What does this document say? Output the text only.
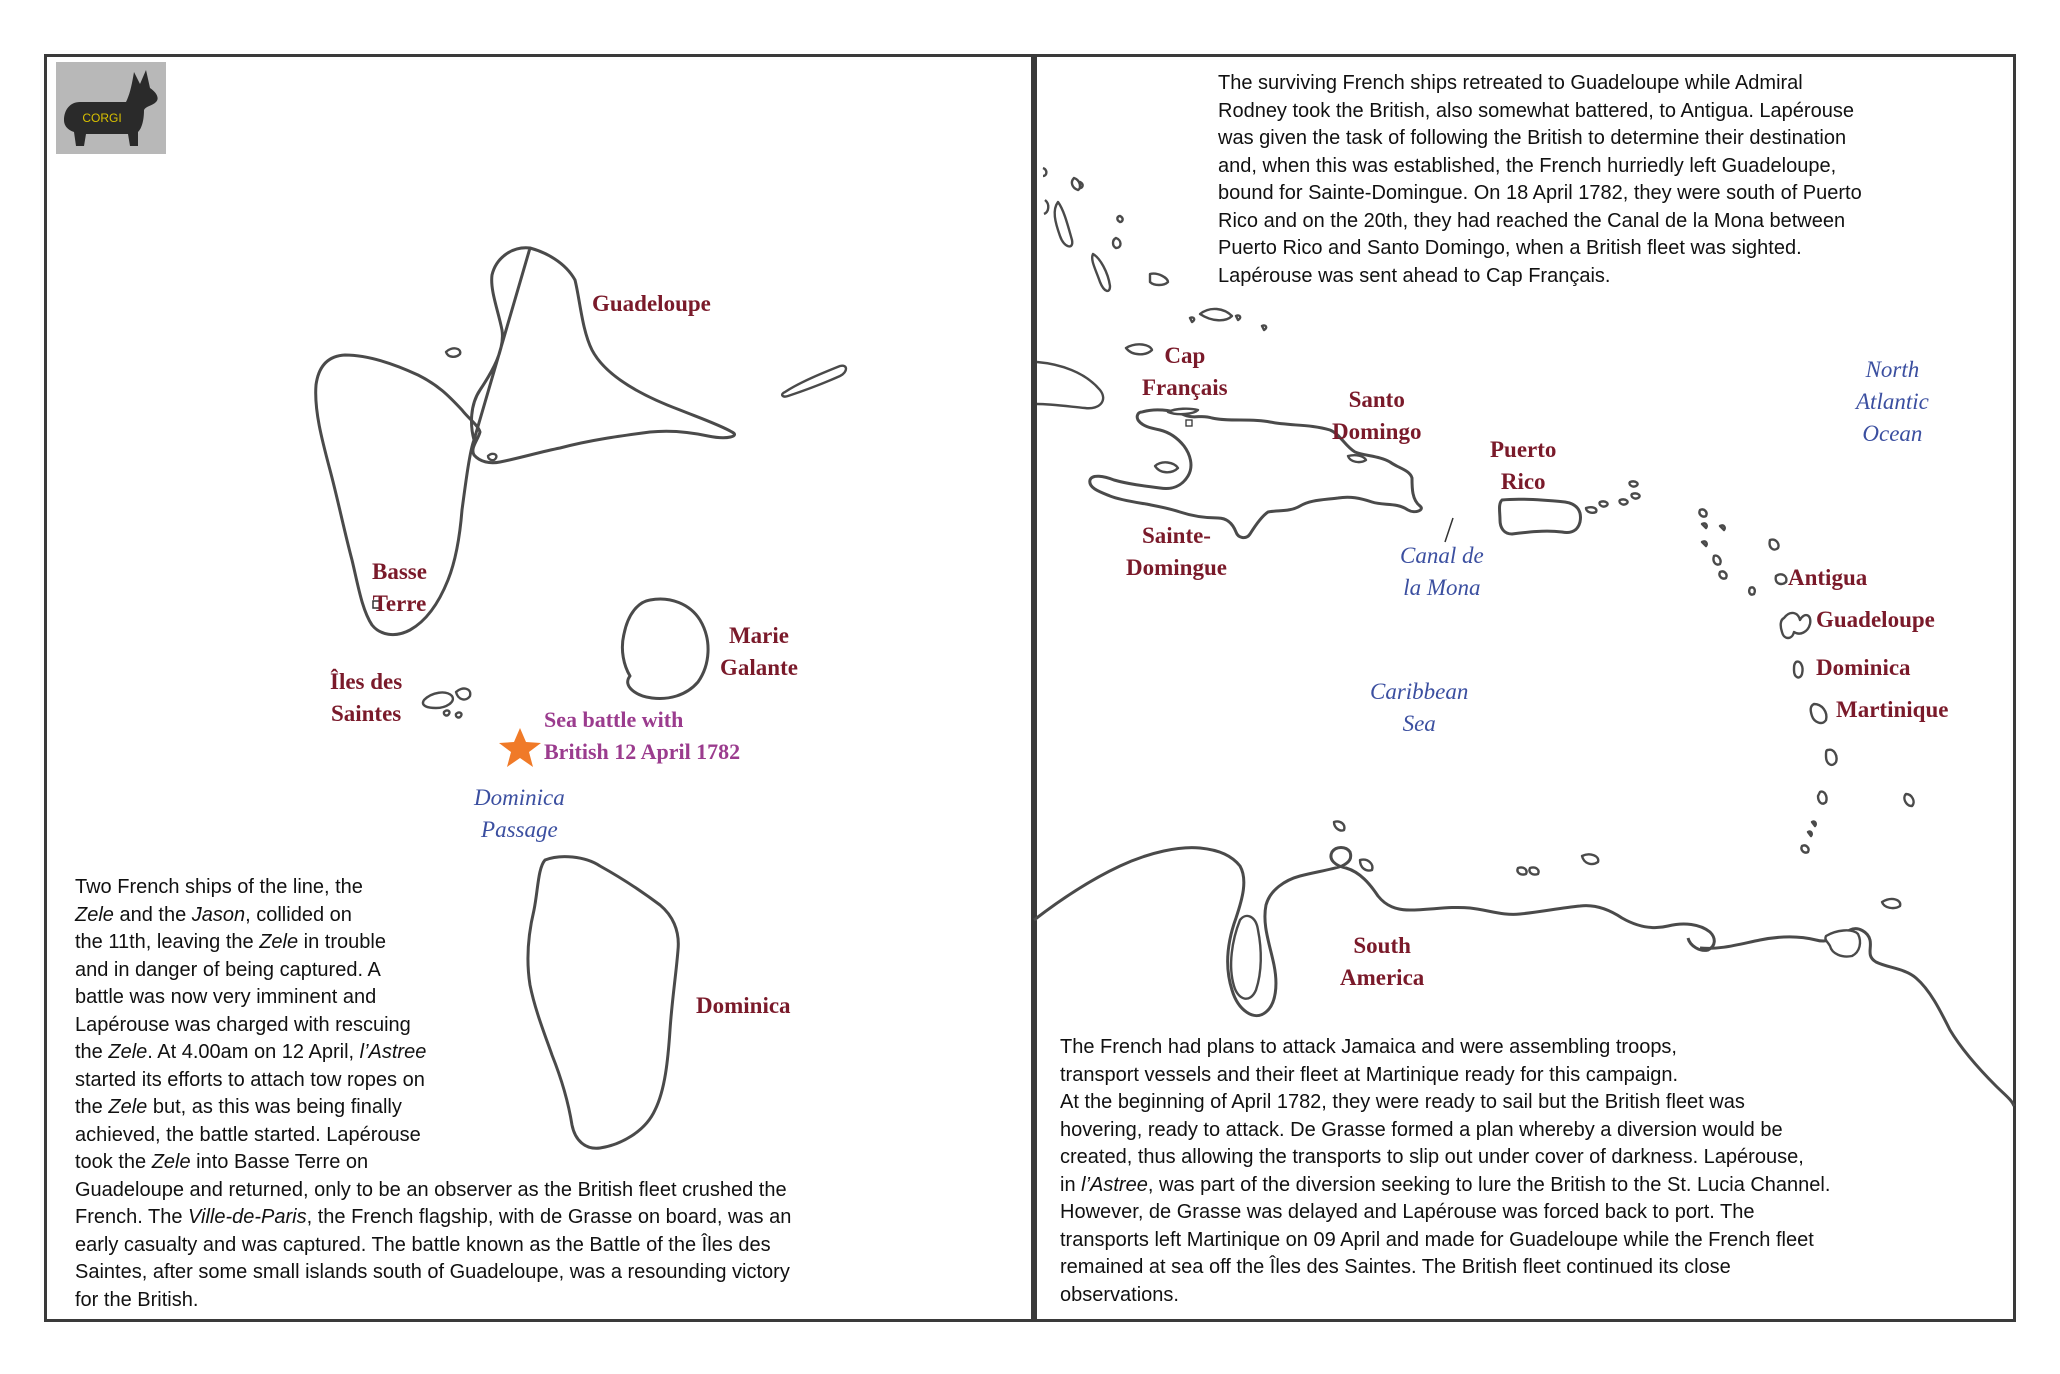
CORGI
Guadeloupe
Basse
Terre
Marie
Galante
Îles des
Saintes	Sea battle with
British 12 April 1782
Dominica
Passage
Dominica
Two French ships of the line, the
Zele and the Jason, collided on
the 11th, leaving the Zele in trouble
and in danger of being captured. A
battle was now very imminent and
Lapérouse was charged with rescuing
the Zele. At 4.00am on 12 April, l’Astree
started its efforts to attach tow ropes on
the Zele but, as this was being finally
achieved, the battle started. Lapérouse
took the Zele into Basse Terre on
Guadeloupe and returned, only to be an observer as the British fleet crushed the
French. The Ville-de-Paris, the French flagship, with de Grasse on board, was an
early casualty and was captured. The battle known as the Battle of the Îles des
Saintes, after some small islands south of Guadeloupe, was a resounding victory
for the British.
The surviving French ships retreated to Guadeloupe while Admiral
Rodney took the British, also somewhat battered, to Antigua. Lapérouse
was given the task of following the British to determine their destination
and, when this was established, the French hurriedly left Guadeloupe,
bound for Sainte-Domingue. On 18 April 1782, they were south of Puerto
Rico and on the 20th, they had reached the Canal de la Mona between
Puerto Rico and Santo Domingo, when a British fleet was sighted.
Lapérouse was sent ahead to Cap Français.
Cap
Français	Santo
Domingo
Puerto
Rico
North
Atlantic
Ocean
Sainte-
Domingue	Canal de
la Mona	Antigua
Guadeloupe
Dominica
Martinique
Caribbean
Sea
South
America
The French had plans to attack Jamaica and were assembling troops,
transport vessels and their fleet at Martinique ready for this campaign.
At the beginning of April 1782, they were ready to sail but the British fleet was
hovering, ready to attack. De Grasse formed a plan whereby a diversion would be
created, thus allowing the transports to slip out under cover of darkness. Lapérouse,
in l’Astree, was part of the diversion seeking to lure the British to the St. Lucia Channel.
However, de Grasse was delayed and Lapérouse was forced back to port. The
transports left Martinique on 09 April and made for Guadeloupe while the French fleet
remained at sea off the Îles des Saintes. The British fleet continued its close
observations.
